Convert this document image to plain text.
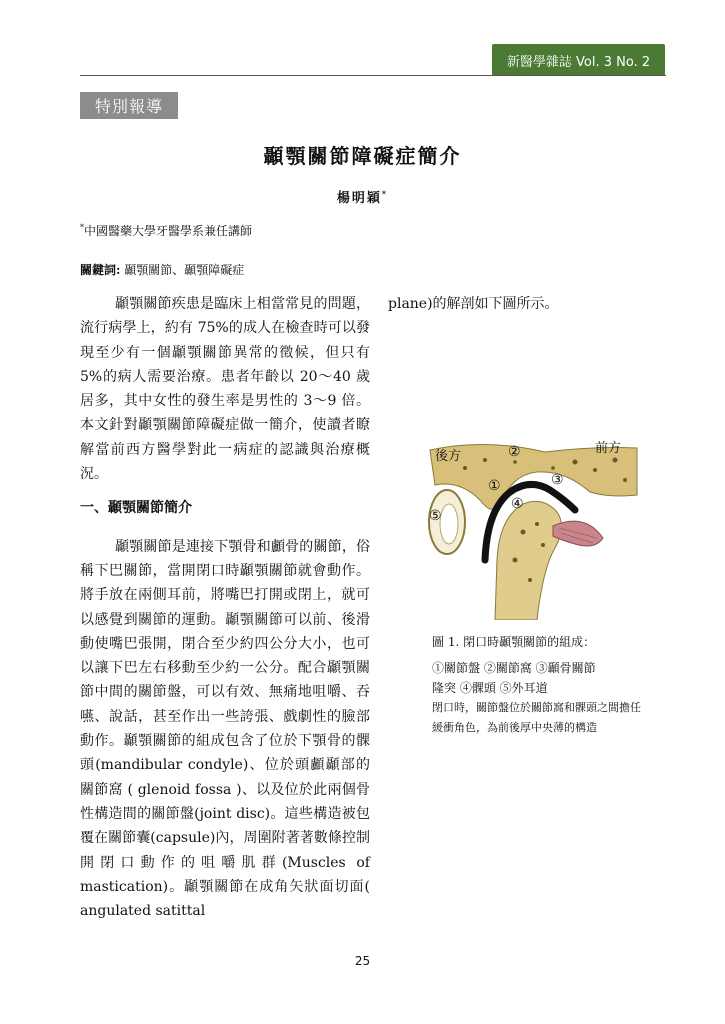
新醫學雜誌 Vol. 3 No. 2
特別報導
顳顎關節障礙症簡介
楊明穎*
*中國醫藥大學牙醫學系兼任講師
關鍵詞: 顳顎關節、顳顎障礙症

顳顎關節疾患是臨床上相當常見的問題，流行病學上，約有 75%的成人在檢查時可以發現至少有一個顳顎關節異常的徵候，但只有 5%的病人需要治療。患者年齡以 20～40 歲居多，其中女性的發生率是男性的 3～9 倍。本文針對顳顎關節障礙症做一簡介，使讀者瞭解當前西方醫學對此一病症的認識與治療概況。

一、顳顎關節簡介

顳顎關節是連接下顎骨和顱骨的關節，俗稱下巴關節，當開閉口時顳顎關節就會動作。將手放在兩側耳前，將嘴巴打開或閉上，就可以感覺到關節的運動。顳顎關節可以前、後滑動使嘴巴張開，閉合至少約四公分大小，也可以讓下巴左右移動至少約一公分。配合顳顎關節中間的關節盤，可以有效、無痛地咀嚼、吞嚥、說話，甚至作出一些誇張、戲劇性的臉部動作。顳顎關節的組成包含了位於下顎骨的髁頭(mandibular condyle)、位於頭顱顳部的關節窩 ( glenoid fossa )、以及位於此兩個骨性構造間的關節盤(joint disc)。這些構造被包覆在關節囊(capsule)內，周圍附著著數條控制開閉口動作的咀嚼肌群(Muscles of mastication)。顳顎關節在成角矢狀面切面( angulated satittal

plane)的解剖如下圖所示。
後方
前方
②
①	③
④
⑤
圖 1. 閉口時顳顎關節的組成：
①關節盤 ②關節窩 ③顳骨關節
隆突 ④髁頭 ⑤外耳道
閉口時，關節盤位於關節窩和髁頭之間擔任緩衝角色，為前後厚中央薄的構造
25
